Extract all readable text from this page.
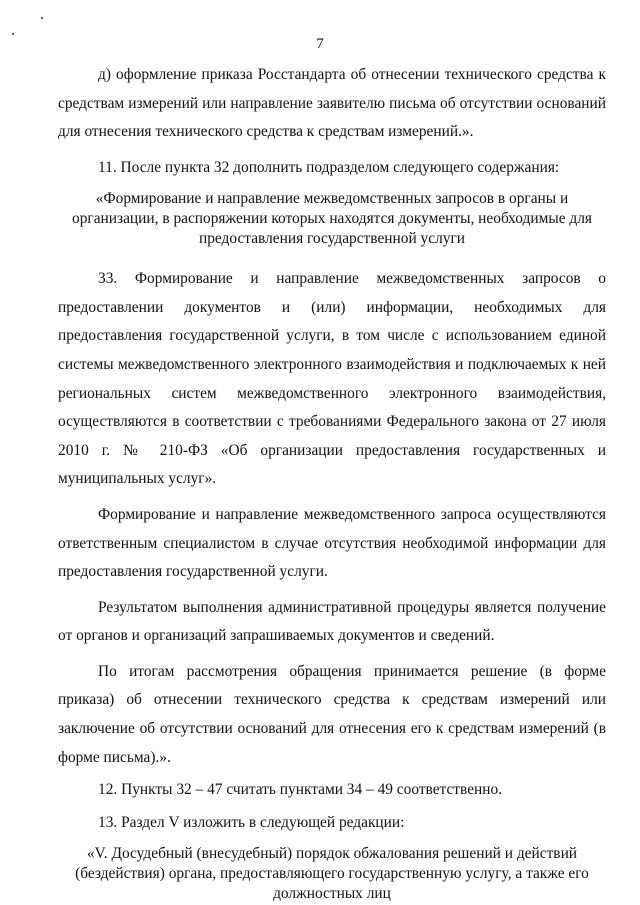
7

д) оформление приказа Росстандарта об отнесении технического средства к средствам измерений или направление заявителю письма об отсутствии оснований для отнесения технического средства к средствам измерений.».

11. После пункта 32 дополнить подразделом следующего содержания:

«Формирование и направление межведомственных запросов в органы и организации, в распоряжении которых находятся документы, необходимые для предоставления государственной услуги

33. Формирование и направление межведомственных запросов о предоставлении документов и (или) информации, необходимых для предоставления государственной услуги, в том числе с использованием единой системы межведомственного электронного взаимодействия и подключаемых к ней региональных систем межведомственного электронного взаимодействия, осуществляются в соответствии с требованиями Федерального закона от 27 июля 2010 г. № 210-ФЗ «Об организации предоставления государственных и муниципальных услуг».

Формирование и направление межведомственного запроса осуществляются ответственным специалистом в случае отсутствия необходимой информации для предоставления государственной услуги.

Результатом выполнения административной процедуры является получение от органов и организаций запрашиваемых документов и сведений.

По итогам рассмотрения обращения принимается решение (в форме приказа) об отнесении технического средства к средствам измерений или заключение об отсутствии оснований для отнесения его к средствам измерений (в форме письма).».

12. Пункты 32 – 47 считать пунктами 34 – 49 соответственно.

13. Раздел V изложить в следующей редакции:

«V. Досудебный (внесудебный) порядок обжалования решений и действий (бездействия) органа, предоставляющего государственную услугу, а также его должностных лиц
